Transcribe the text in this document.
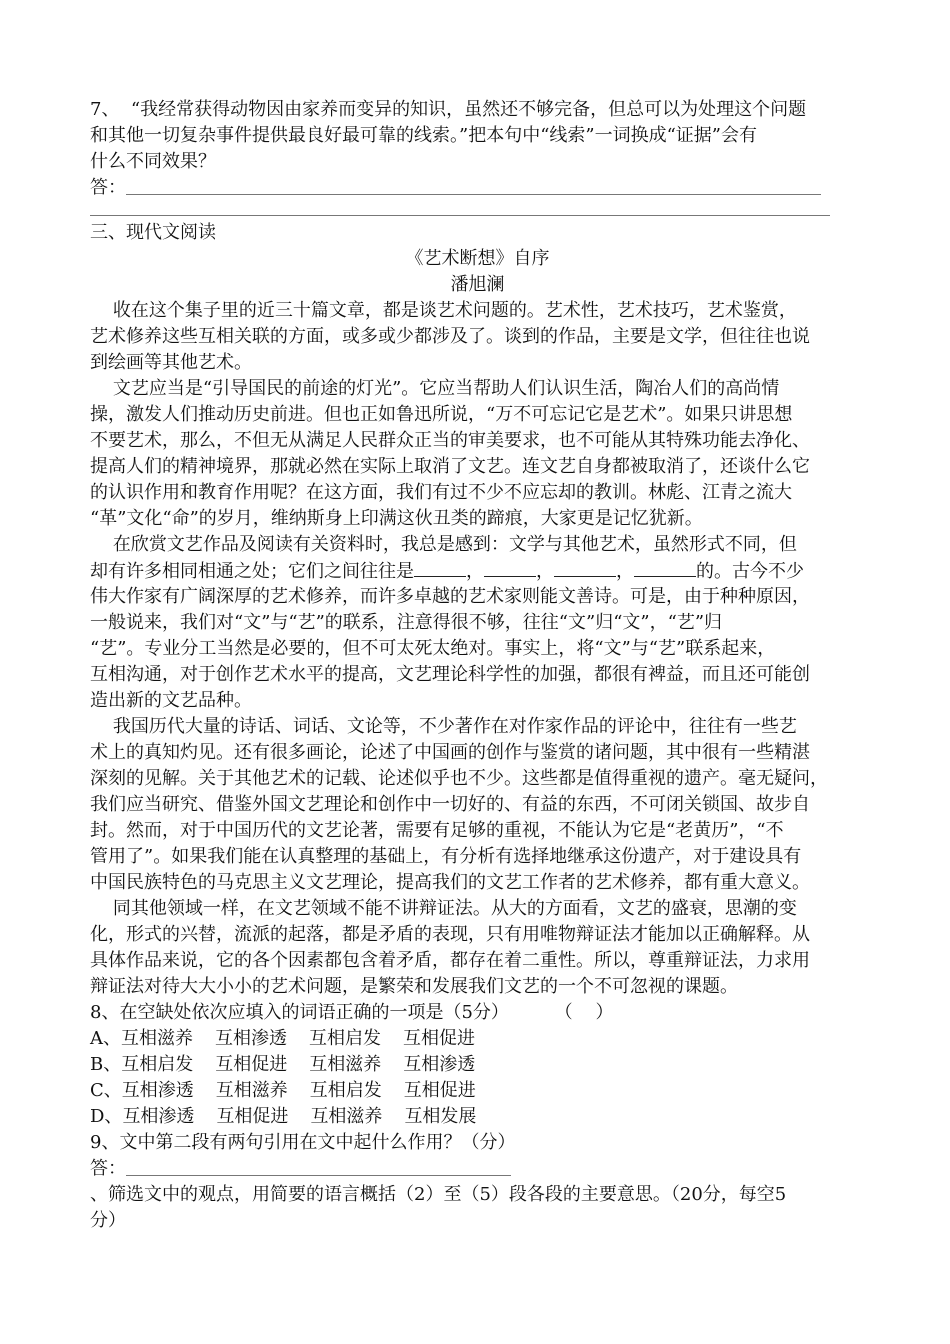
7、  “我经常获得动物因由家养而变异的知识，虽然还不够完备，但总可以为处理这个问题
和其他一切复杂事件提供最良好最可靠的线索。”把本句中“线索”一词换成“证据”会有
什么不同效果？
答：
三、现代文阅读
《艺术断想》自序
潘旭澜
收在这个集子里的近三十篇文章，都是谈艺术问题的。艺术性，艺术技巧，艺术鉴赏，
艺术修养这些互相关联的方面，或多或少都涉及了。谈到的作品，主要是文学，但往往也说
到绘画等其他艺术。
文艺应当是“引导国民的前途的灯光”。它应当帮助人们认识生活，陶冶人们的高尚情
操，激发人们推动历史前进。但也正如鲁迅所说，“万不可忘记它是艺术”。如果只讲思想
不要艺术，那么，不但无从满足人民群众正当的审美要求，也不可能从其特殊功能去净化、
提高人们的精神境界，那就必然在实际上取消了文艺。连文艺自身都被取消了，还谈什么它
的认识作用和教育作用呢？在这方面，我们有过不少不应忘却的教训。林彪、江青之流大
“革”文化“命”的岁月，维纳斯身上印满这伙丑类的蹄痕，大家更是记忆犹新。
在欣赏文艺作品及阅读有关资料时，我总是感到：文学与其他艺术，虽然形式不同，但
却有许多相同相通之处；它们之间往往是	，	，	，	的。古今不少
伟大作家有广阔深厚的艺术修养，而许多卓越的艺术家则能文善诗。可是，由于种种原因，
一般说来，我们对“文”与“艺”的联系，注意得很不够，往往“文”归“文”，“艺”归
“艺”。专业分工当然是必要的，但不可太死太绝对。事实上，将“文”与“艺”联系起来，
互相沟通，对于创作艺术水平的提高，文艺理论科学性的加强，都很有裨益，而且还可能创
造出新的文艺品种。
我国历代大量的诗话、词话、文论等，不少著作在对作家作品的评论中，往往有一些艺
术上的真知灼见。还有很多画论，论述了中国画的创作与鉴赏的诸问题，其中很有一些精湛
深刻的见解。关于其他艺术的记载、论述似乎也不少。这些都是值得重视的遗产。毫无疑问，
我们应当研究、借鉴外国文艺理论和创作中一切好的、有益的东西，不可闭关锁国、故步自
封。然而，对于中国历代的文艺论著，需要有足够的重视，不能认为它是“老黄历”，“不
管用了”。如果我们能在认真整理的基础上，有分析有选择地继承这份遗产，对于建设具有
中国民族特色的马克思主义文艺理论，提高我们的文艺工作者的艺术修养，都有重大意义。
同其他领域一样，在文艺领域不能不讲辩证法。从大的方面看，文艺的盛衰，思潮的变
化，形式的兴替，流派的起落，都是矛盾的表现，只有用唯物辩证法才能加以正确解释。从
具体作品来说，它的各个因素都包含着矛盾，都存在着二重性。所以，尊重辩证法，力求用
辩证法对待大大小小的艺术问题，是繁荣和发展我们文艺的一个不可忽视的课题。
8、在空缺处依次应填入的词语正确的一项是（5分）        （    ）
A、互相滋养 互相渗透 互相启发 互相促进
B、互相启发 互相促进 互相滋养 互相渗透
C、互相渗透 互相滋养 互相启发 互相促进
D、互相渗透 互相促进 互相滋养 互相发展
9、文中第二段有两句引用在文中起什么作用？（分）
答：
、筛选文中的观点，用简要的语言概括（2）至（5）段各段的主要意思。（20分，每空5
分）
